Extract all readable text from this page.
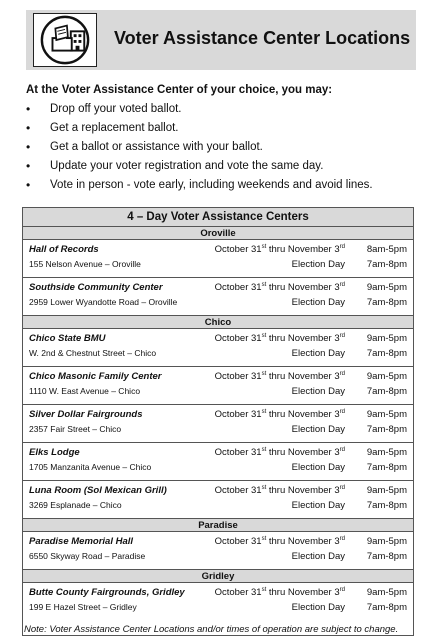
Voter Assistance Center Locations
At the Voter Assistance Center of your choice, you may:
• Drop off your voted ballot.
• Get a replacement ballot.
• Get a ballot or assistance with your ballot.
• Update your voter registration and vote the same day.
• Vote in person - vote early, including weekends and avoid lines.
4 – Day Voter Assistance Centers
Oroville
Hall of Records
155 Nelson Avenue – Oroville
October 31st thru November 3rd 8am-5pm
Election Day 7am-8pm
Southside Community Center
2959 Lower Wyandotte Road – Oroville
October 31st thru November 3rd 9am-5pm
Election Day 7am-8pm
Chico
Chico State BMU
W. 2nd & Chestnut Street – Chico
October 31st thru November 3rd 9am-5pm
Election Day 7am-8pm
Chico Masonic Family Center
1110 W. East Avenue – Chico
October 31st thru November 3rd 9am-5pm
Election Day 7am-8pm
Silver Dollar Fairgrounds
2357 Fair Street – Chico
October 31st thru November 3rd 9am-5pm
Election Day 7am-8pm
Elks Lodge
1705 Manzanita Avenue – Chico
October 31st thru November 3rd 9am-5pm
Election Day 7am-8pm
Luna Room (Sol Mexican Grill)
3269 Esplanade – Chico
October 31st thru November 3rd 9am-5pm
Election Day 7am-8pm
Paradise
Paradise Memorial Hall
6550 Skyway Road – Paradise
October 31st thru November 3rd 9am-5pm
Election Day 7am-8pm
Gridley
Butte County Fairgrounds, Gridley
199 E Hazel Street – Gridley
October 31st thru November 3rd 9am-5pm
Election Day 7am-8pm
Note: Voter Assistance Center Locations and/or times of operation are subject to change.
